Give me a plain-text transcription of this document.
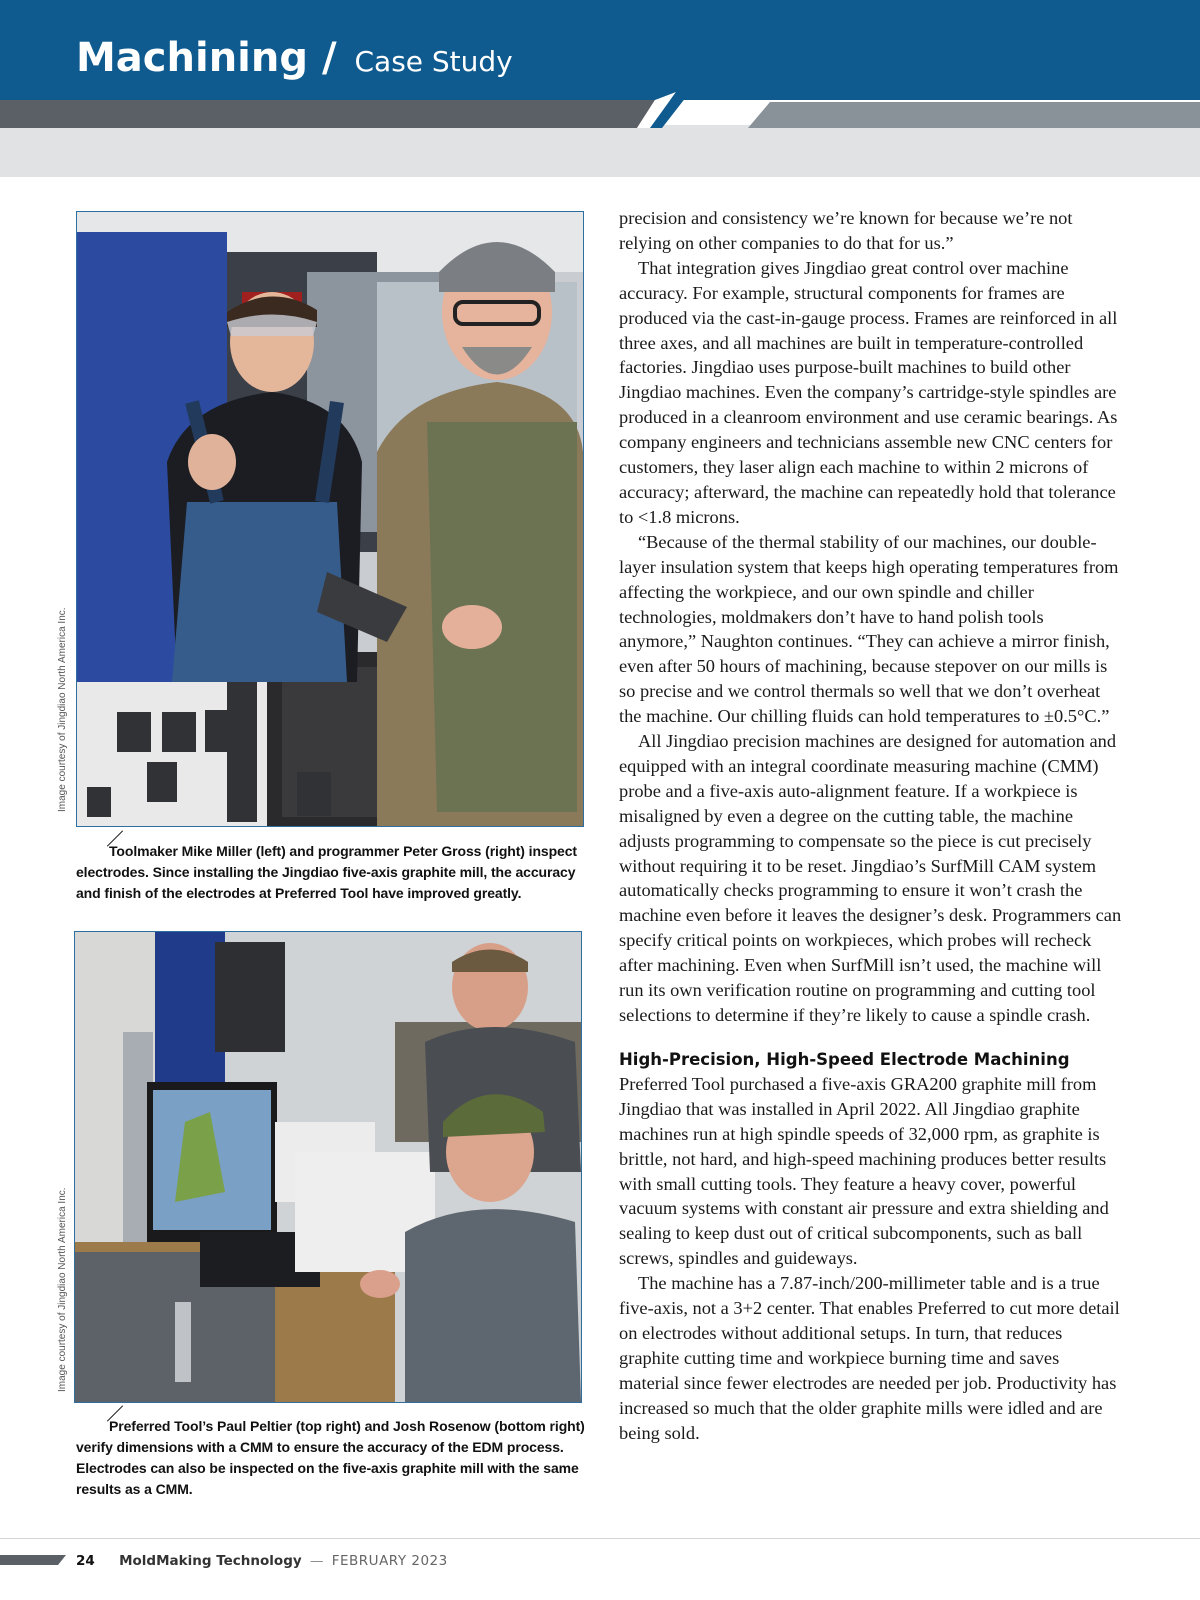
Machining / Case Study
Image courtesy of Jingdiao North America Inc.
Toolmaker Mike Miller (left) and programmer Peter Gross (right) inspect electrodes. Since installing the Jingdiao five-axis graphite mill, the accuracy and finish of the electrodes at Preferred Tool have improved greatly.
Image courtesy of Jingdiao North America Inc.
Preferred Tool’s Paul Peltier (top right) and Josh Rosenow (bottom right) verify dimensions with a CMM to ensure the accuracy of the EDM process. Electrodes can also be inspected on the five-axis graphite mill with the same results as a CMM.

precision and consistency we’re known for because we’re not relying on other companies to do that for us.”

That integration gives Jingdiao great control over machine accuracy. For example, structural components for frames are produced via the cast-in-gauge process. Frames are reinforced in all three axes, and all machines are built in temperature-controlled factories. Jingdiao uses purpose-built machines to build other Jingdiao machines. Even the company’s cartridge-style spindles are produced in a cleanroom environment and use ceramic bearings. As company engineers and technicians assemble new CNC centers for customers, they laser align each machine to within 2 microns of accuracy; afterward, the machine can repeatedly hold that tolerance to <1.8 microns.

“Because of the thermal stability of our machines, our double-layer insulation system that keeps high operating temperatures from affecting the workpiece, and our own spindle and chiller technologies, moldmakers don’t have to hand polish tools anymore,” Naughton continues. “They can achieve a mirror finish, even after 50 hours of machining, because stepover on our mills is so precise and we control thermals so well that we don’t overheat the machine. Our chilling fluids can hold temperatures to ±0.5°C.”

All Jingdiao precision machines are designed for automation and equipped with an integral coordinate measuring machine (CMM) probe and a five-axis auto-alignment feature. If a workpiece is misaligned by even a degree on the cutting table, the machine adjusts programming to compensate so the piece is cut precisely without requiring it to be reset. Jingdiao’s SurfMill CAM system automatically checks programming to ensure it won’t crash the machine even before it leaves the designer’s desk. Programmers can specify critical points on workpieces, which probes will recheck after machining. Even when SurfMill isn’t used, the machine will run its own verification routine on programming and cutting tool selections to determine if they’re likely to cause a spindle crash.

High-Precision, High-Speed Electrode Machining

Preferred Tool purchased a five-axis GRA200 graphite mill from Jingdiao that was installed in April 2022. All Jingdiao graphite machines run at high spindle speeds of 32,000 rpm, as graphite is brittle, not hard, and high-speed machining produces better results with small cutting tools. They feature a heavy cover, powerful vacuum systems with constant air pressure and extra shielding and sealing to keep dust out of critical subcomponents, such as ball screws, spindles and guideways.

The machine has a 7.87-inch/200-millimeter table and is a true five-axis, not a 3+2 center. That enables Preferred to cut more detail on electrodes without additional setups. In turn, that reduces graphite cutting time and workpiece burning time and saves material since fewer electrodes are needed per job. Productivity has increased so much that the older graphite mills were idled and are being sold.

24 MoldMaking Technology — FEBRUARY 2023
